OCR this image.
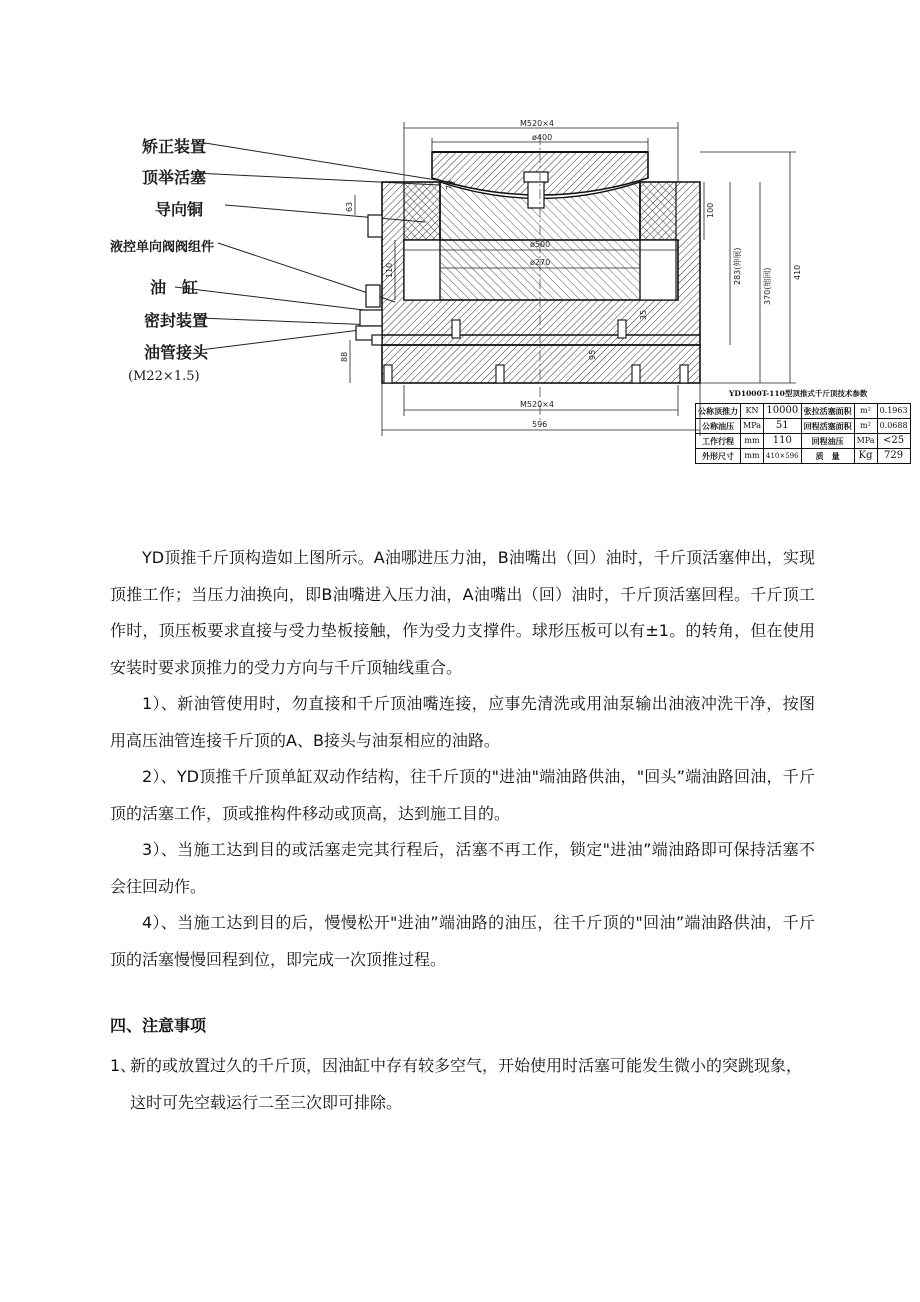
矫正装置
顶举活塞
导向铜
液控单向阀阀组件
油　缸
密封装置
油管接头
(M22×1.5)
M520×4
ø400
ø500
ø270
M520×4
596
410
370(缩回)
283(伸展)
100
110
63
88	95
35
75
YD1000T-110型顶推式千斤顶技术参数
公称顶推力	KN	10000	张拉活塞面积	m²	0.1963
公称油压	MPa	51	回程活塞面积	m²	0.0688
工作行程	mm	110	回程油压	MPa	<25
外形尺寸	mm	410×596	质　量	Kg	729
YD顶推千斤顶构造如上图所示。A油哪进压力油，B油嘴出（回）油时，千斤顶活塞伸出，实现顶推工作；当压力油换向，即B油嘴进入压力油，A油嘴出（回）油时，千斤顶活塞回程。千斤顶工作时，顶压板要求直接与受力垫板接触，作为受力支撑件。球形压板可以有±1。的转角，但在使用安装时要求顶推力的受力方向与千斤顶轴线重合。
1）、新油管使用时，勿直接和千斤顶油嘴连接，应事先清洗或用油泵输出油液冲洗干净，按图用高压油管连接千斤顶的A、B接头与油泵相应的油路。
2）、YD顶推千斤顶单缸双动作结构，往千斤顶的"进油"端油路供油，"回头”端油路回油，千斤顶的活塞工作，顶或推构件移动或顶高，达到施工目的。
3）、当施工达到目的或活塞走完其行程后，活塞不再工作，锁定"进油”端油路即可保持活塞不会往回动作。
4）、当施工达到目的后，慢慢松开"进油”端油路的油压，往千斤顶的"回油”端油路供油，千斤顶的活塞慢慢回程到位，即完成一次顶推过程。
四、注意事项
1、
新的或放置过久的千斤顶，因油缸中存有较多空气，开始使用时活塞可能发生微小的突跳现象，这时可先空载运行二至三次即可排除。
